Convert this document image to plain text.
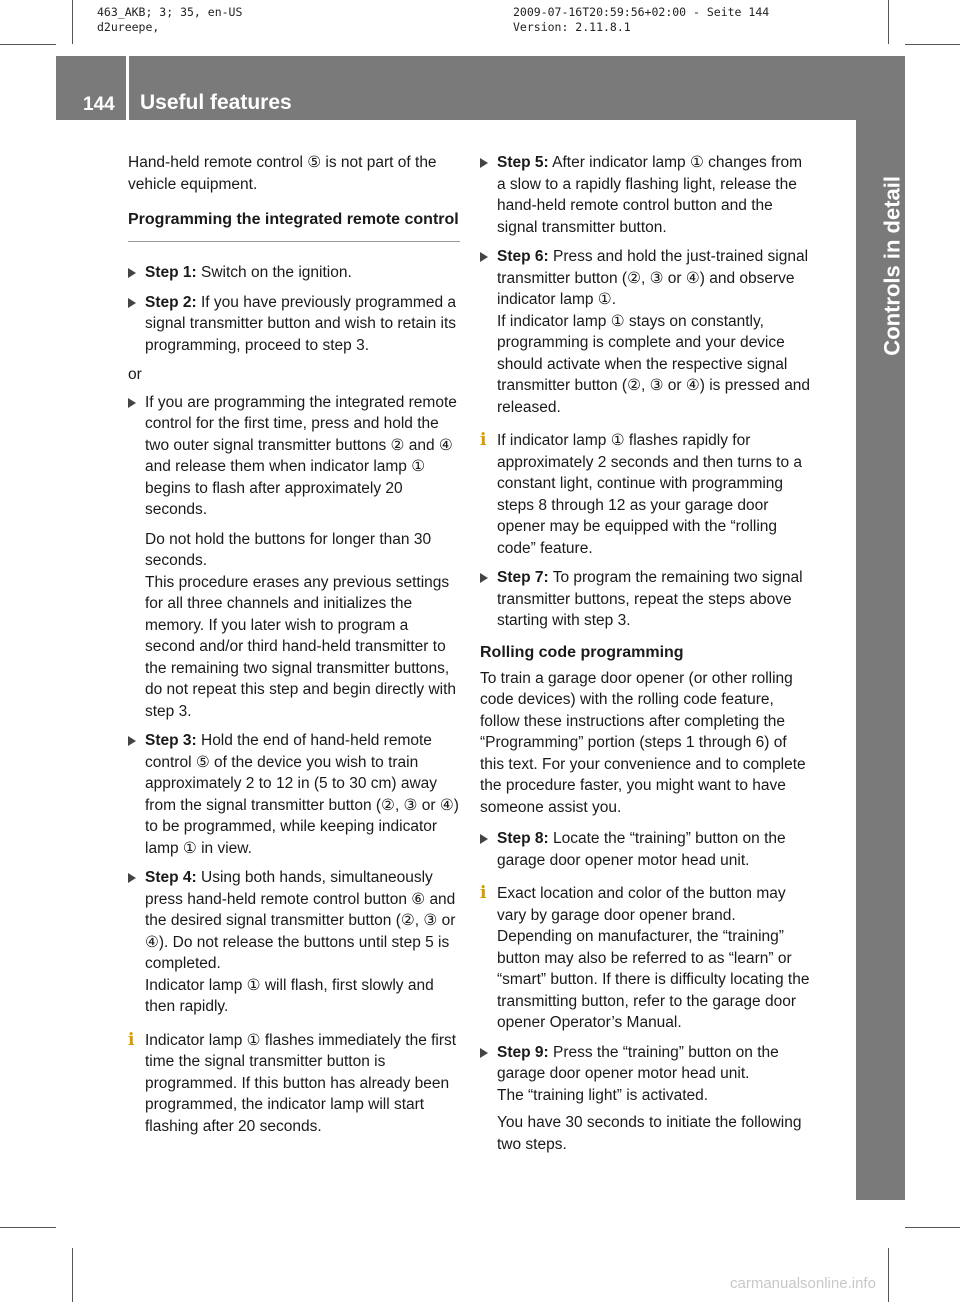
463_AKB; 3; 35, en-US
d2ureepe,
2009-07-16T20:59:56+02:00 - Seite 144
Version: 2.11.8.1
144 Useful features
Controls in detail

Hand-held remote control ⑤ is not part of the vehicle equipment.

Programming the integrated remote control
Step 1: Switch on the ignition.
Step 2: If you have previously programmed a signal transmitter button and wish to retain its programming, proceed to step 3.
or
If you are programming the integrated remote control for the first time, press and hold the two outer signal transmitter buttons ② and ④ and release them when indicator lamp ① begins to flash after approximately 20 seconds.
Do not hold the buttons for longer than 30 seconds.
This procedure erases any previous settings for all three channels and initializes the memory. If you later wish to program a second and/or third hand-held transmitter to the remaining two signal transmitter buttons, do not repeat this step and begin directly with step 3.
Step 3: Hold the end of hand-held remote control ⑤ of the device you wish to train approximately 2 to 12 in (5 to 30 cm) away from the signal transmitter button (②, ③ or ④) to be programmed, while keeping indicator lamp ① in view.
Step 4: Using both hands, simultaneously press hand-held remote control button ⑥ and the desired signal transmitter button (②, ③ or ④). Do not release the buttons until step 5 is completed.
Indicator lamp ① will flash, first slowly and then rapidly.
i Indicator lamp ① flashes immediately the first time the signal transmitter button is programmed. If this button has already been programmed, the indicator lamp will start flashing after 20 seconds.
Step 5: After indicator lamp ① changes from a slow to a rapidly flashing light, release the hand-held remote control button and the signal transmitter button.
Step 6: Press and hold the just-trained signal transmitter button (②, ③ or ④) and observe indicator lamp ①.
If indicator lamp ① stays on constantly, programming is complete and your device should activate when the respective signal transmitter button (②, ③ or ④) is pressed and released.
i If indicator lamp ① flashes rapidly for approximately 2 seconds and then turns to a constant light, continue with programming steps 8 through 12 as your garage door opener may be equipped with the “rolling code” feature.
Step 7: To program the remaining two signal transmitter buttons, repeat the steps above starting with step 3.
Rolling code programming

To train a garage door opener (or other rolling code devices) with the rolling code feature, follow these instructions after completing the “Programming” portion (steps 1 through 6) of this text. For your convenience and to complete the procedure faster, you might want to have someone assist you.

Step 8: Locate the “training” button on the garage door opener motor head unit.
i Exact location and color of the button may vary by garage door opener brand. Depending on manufacturer, the “training” button may also be referred to as “learn” or “smart” button. If there is difficulty locating the transmitting button, refer to the garage door opener Operator’s Manual.
Step 9: Press the “training” button on the garage door opener motor head unit.
The “training light” is activated.
You have 30 seconds to initiate the following two steps.
carmanualsonline.info
